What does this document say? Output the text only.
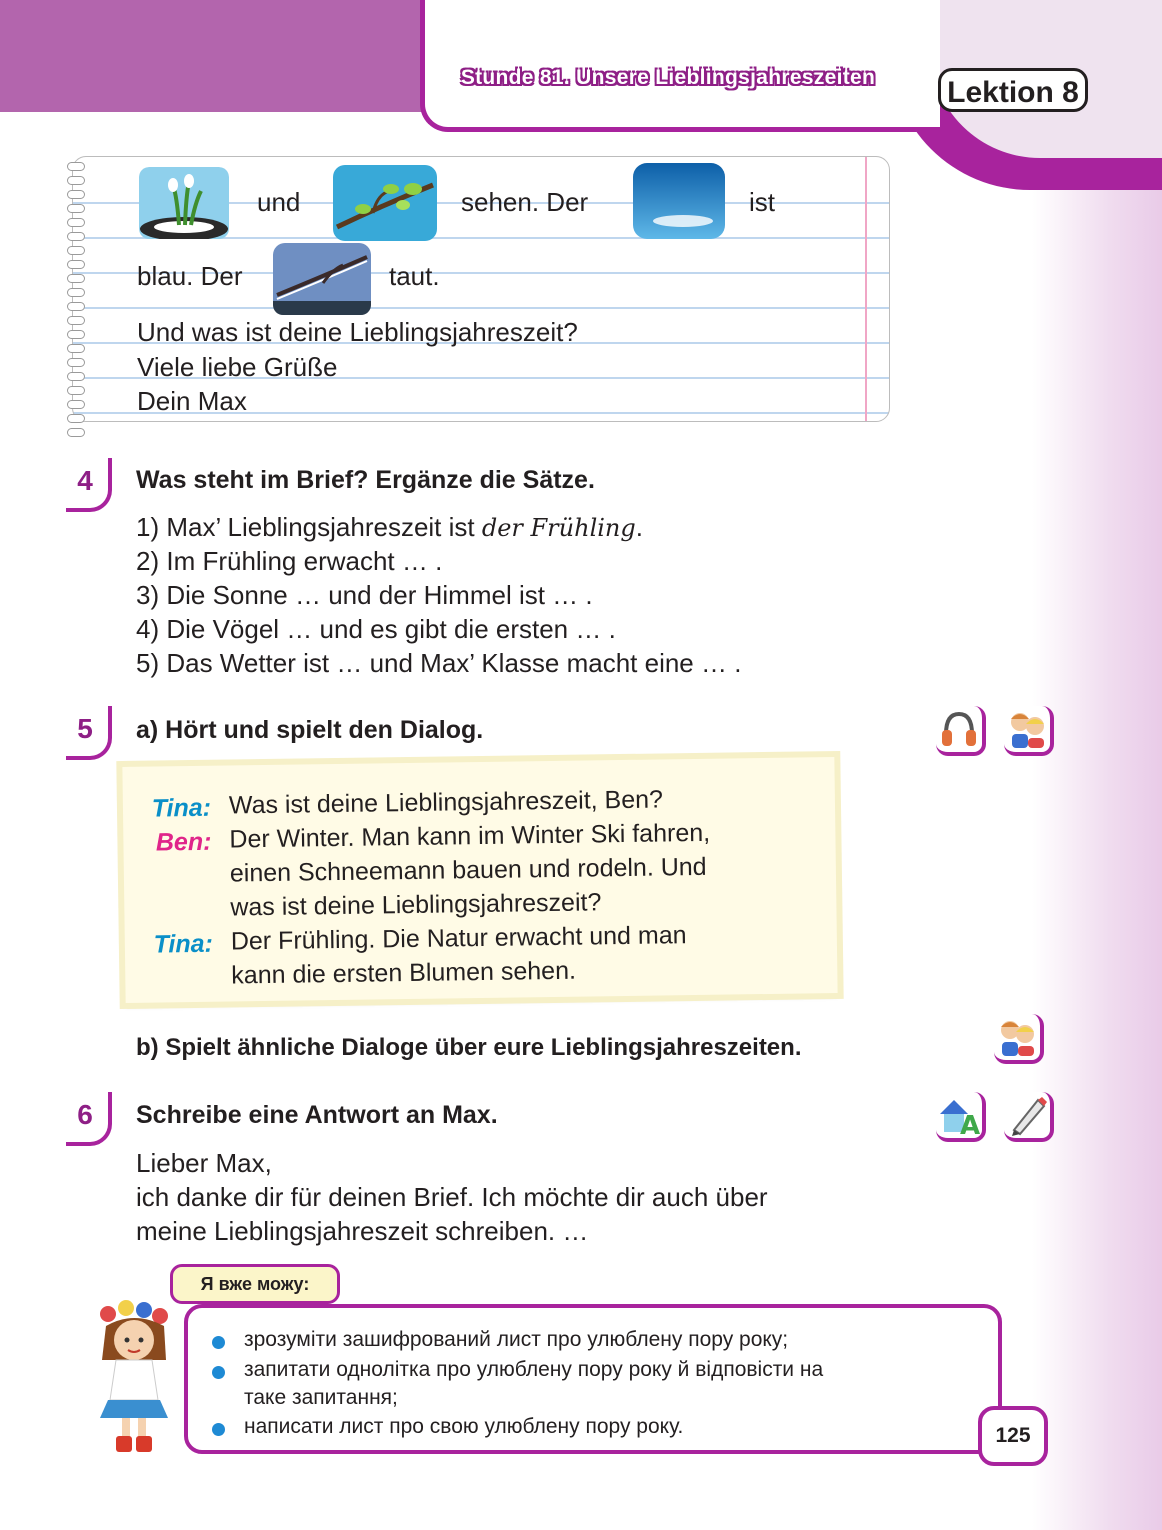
Stunde 81. Unsere Lieblingsjahreszeiten	Lektion 8
und	sehen. Der	ist
blau. Der	taut.
Und was ist deine Lieblingsjahreszeit?
Viele liebe Grüße
Dein Max
4	Was steht im Brief? Ergänze die Sätze.
1) Max’ Lieblingsjahreszeit ist der Frühling.
2) Im Frühling erwacht … .
3) Die Sonne … und der Himmel ist … .
4) Die Vögel … und es gibt die ersten … .
5) Das Wetter ist … und Max’ Klasse macht eine … .
5	a) Hört und spielt den Dialog.
Tina: Was ist deine Lieblingsjahreszeit, Ben?
Ben: Der Winter. Man kann im Winter Ski fahren,
einen Schneemann bauen und rodeln. Und
was ist deine Lieblingsjahreszeit?
Tina: Der Frühling. Die Natur erwacht und man
kann die ersten Blumen sehen.
b) Spielt ähnliche Dialoge über eure Lieblingsjahreszeiten.
6	Schreibe eine Antwort an Max.	A
Lieber Max,
ich danke dir für deinen Brief. Ich möchte dir auch über
meine Lieblingsjahreszeit schreiben. …
Я вже можу:
зрозуміти зашифрований лист про улюблену пору року;
запитати однолітка про улюблену пору року й відповісти на
таке запитання;
написати лист про свою улюблену пору року.	125
